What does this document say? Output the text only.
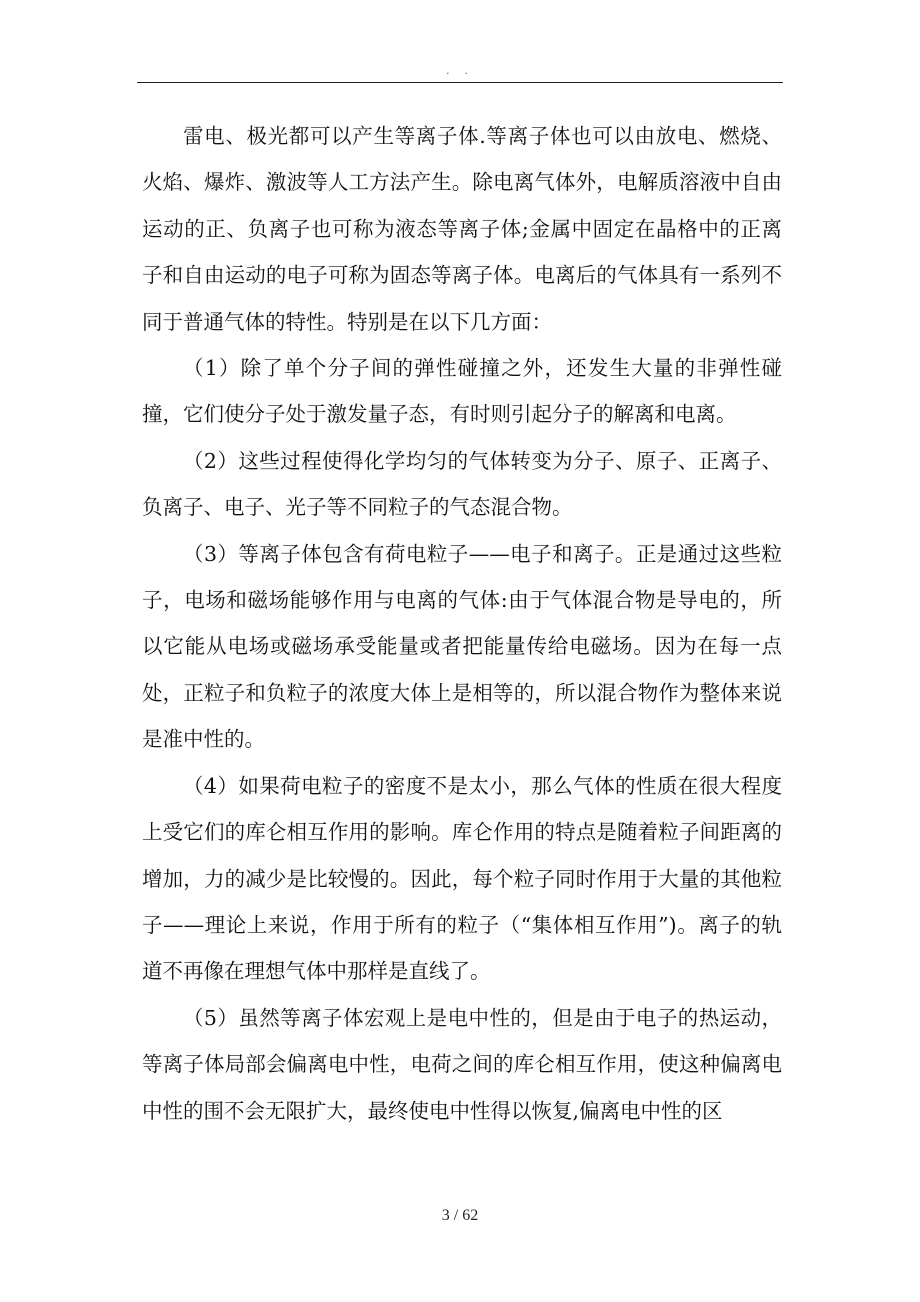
. .

雷电、极光都可以产生等离子体.等离子体也可以由放电、燃烧、火焰、爆炸、激波等人工方法产生。除电离气体外，电解质溶液中自由运动的正、负离子也可称为液态等离子体;金属中固定在晶格中的正离子和自由运动的电子可称为固态等离子体。电离后的气体具有一系列不同于普通气体的特性。特别是在以下几方面：

（1）除了单个分子间的弹性碰撞之外，还发生大量的非弹性碰撞，它们使分子处于激发量子态，有时则引起分子的解离和电离。

（2）这些过程使得化学均匀的气体转变为分子、原子、正离子、负离子、电子、光子等不同粒子的气态混合物。

（3）等离子体包含有荷电粒子——电子和离子。正是通过这些粒子，电场和磁场能够作用与电离的气体:由于气体混合物是导电的，所以它能从电场或磁场承受能量或者把能量传给电磁场。因为在每一点处，正粒子和负粒子的浓度大体上是相等的，所以混合物作为整体来说是准中性的。

（4）如果荷电粒子的密度不是太小，那么气体的性质在很大程度上受它们的库仑相互作用的影响。库仑作用的特点是随着粒子间距离的增加，力的减少是比较慢的。因此，每个粒子同时作用于大量的其他粒子——理论上来说，作用于所有的粒子（“集体相互作用”)。离子的轨道不再像在理想气体中那样是直线了。

（5）虽然等离子体宏观上是电中性的，但是由于电子的热运动，等离子体局部会偏离电中性，电荷之间的库仑相互作用，使这种偏离电中性的围不会无限扩大，最终使电中性得以恢复,偏离电中性的区

3 / 62
